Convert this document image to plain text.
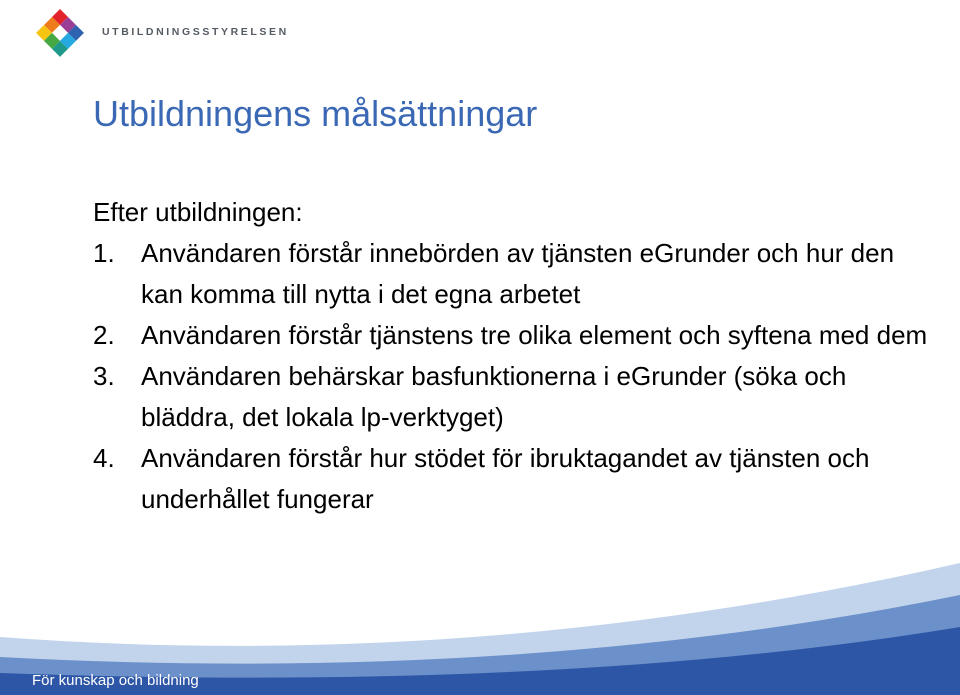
UTBILDNINGSSTYRELSEN
Utbildningens målsättningar

Efter utbildningen:

1. Användaren förstår innebörden av tjänsten eGrunder och hur den kan komma till nytta i det egna arbetet
2. Användaren förstår tjänstens tre olika element och syftena med dem
3. Användaren behärskar basfunktionerna i eGrunder (söka och bläddra, det lokala lp-verktyget)
4. Användaren förstår hur stödet för ibruktagandet av tjänsten och underhållet fungerar
För kunskap och bildning
